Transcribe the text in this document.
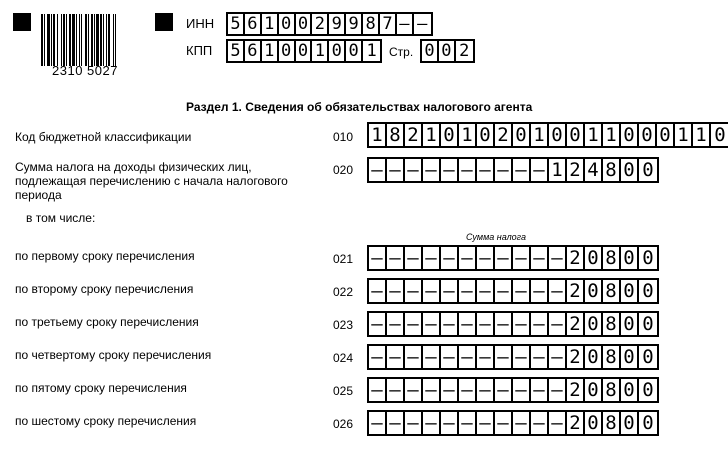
2310 5027
ИНН 5 6 1 0 0 2 9 9 8 7 – –
КПП 5 6 1 0 0 1 0 0 1 Стр. 0 0 2
Раздел 1. Сведения об обязательствах налогового агента
Код бюджетной классификации	010 1 8 2 1 0 1 0 2 0 1 0 0 1 1 0 0 0 1 1 0
Сумма налога на доходы физических лиц, подлежащая перечислению с начала налогового периода
020 – – – – – – – – – – 1 2 4 8 0 0
в том числе:
Сумма налога
по первому сроку перечисления	021 – – – – – – – – – – – 2 0 8 0 0
по второму сроку перечисления	022 – – – – – – – – – – – 2 0 8 0 0
по третьему сроку перечисления	023 – – – – – – – – – – – 2 0 8 0 0
по четвертому сроку перечисления	024 – – – – – – – – – – – 2 0 8 0 0
по пятому сроку перечисления	025 – – – – – – – – – – – 2 0 8 0 0
по шестому сроку перечисления	026 – – – – – – – – – – – 2 0 8 0 0
